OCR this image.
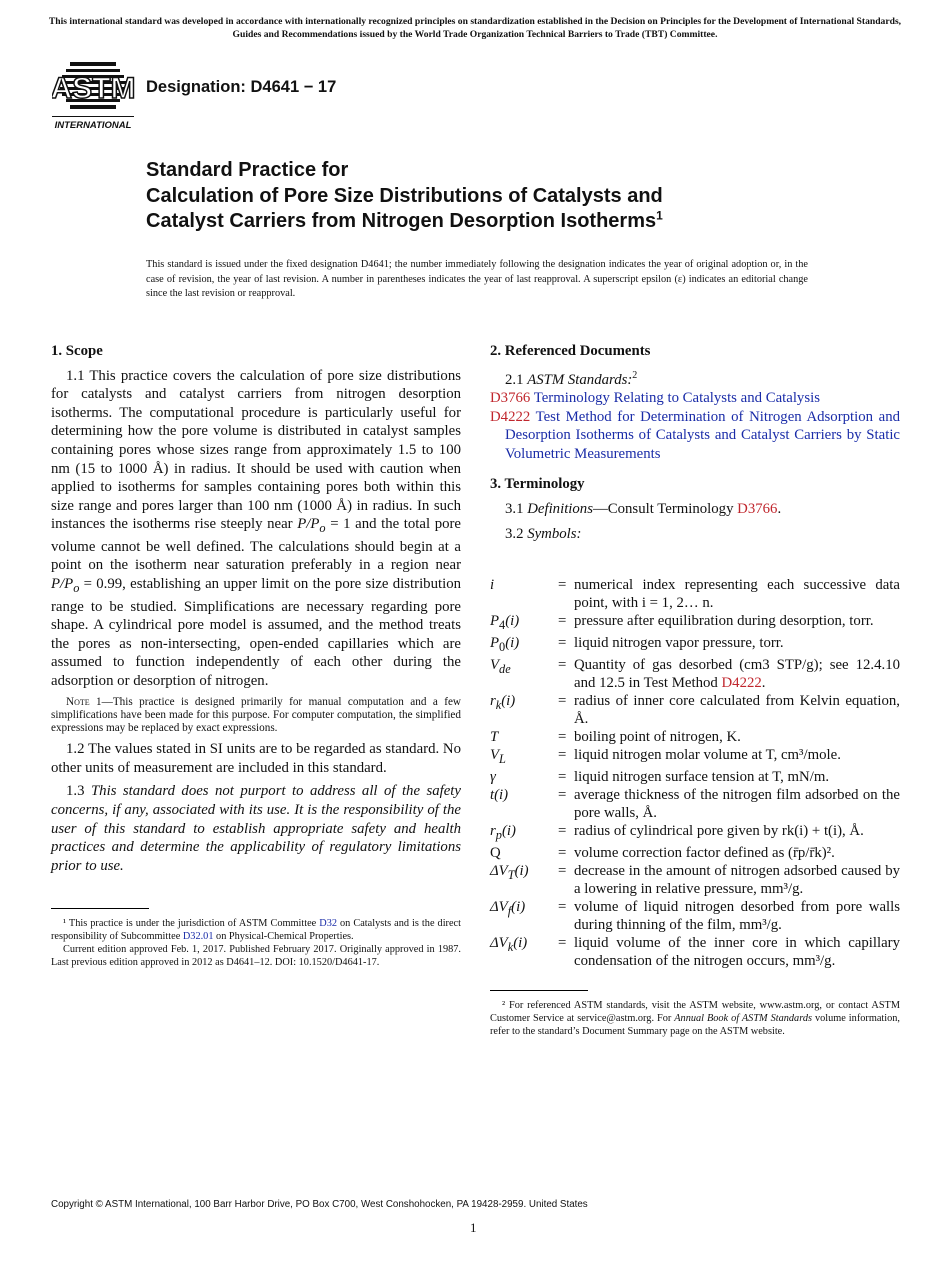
This international standard was developed in accordance with internationally recognized principles on standardization established in the Decision on Principles for the Development of International Standards, Guides and Recommendations issued by the World Trade Organization Technical Barriers to Trade (TBT) Committee.
ASTM
INTERNATIONAL
Designation: D4641 − 17
Standard Practice for
Calculation of Pore Size Distributions of Catalysts and
Catalyst Carriers from Nitrogen Desorption Isotherms$^1$
This standard is issued under the fixed designation D4641; the number immediately following the designation indicates the year of original adoption or, in the case of revision, the year of last revision. A number in parentheses indicates the year of last reapproval. A superscript epsilon (ε) indicates an editorial change since the last revision or reapproval.
1. Scope

1.1 This practice covers the calculation of pore size distributions for catalysts and catalyst carriers from nitrogen desorption isotherms. The computational procedure is particularly useful for determining how the pore volume is distributed in catalyst samples containing pores whose sizes range from approximately 1.5 to 100 nm (15 to 1000 Å) in radius. It should be used with caution when applied to isotherms for samples containing pores both within this size range and pores larger than 100 nm (1000 Å) in radius. In such instances the isotherms rise steeply near $P/P_o = 1$ and the total pore volume cannot be well defined. The calculations should begin at a point on the isotherm near saturation preferably in a region near $P/P_o = 0.99$, establishing an upper limit on the pore size distribution range to be studied. Simplifications are necessary regarding pore shape. A cylindrical pore model is assumed, and the method treats the pores as non-intersecting, open-ended capillaries which are assumed to function independently of each other during the adsorption or desorption of nitrogen.

Note 1—This practice is designed primarily for manual computation and a few simplifications have been made for this purpose. For computer computation, the simplified expressions may be replaced by exact expressions.

1.2 The values stated in SI units are to be regarded as standard. No other units of measurement are included in this standard.

1.3 This standard does not purport to address all of the safety concerns, if any, associated with its use. It is the responsibility of the user of this standard to establish appropriate safety and health practices and determine the applicability of regulatory limitations prior to use.

¹ This practice is under the jurisdiction of ASTM Committee D32 on Catalysts and is the direct responsibility of Subcommittee D32.01 on Physical-Chemical Properties.

Current edition approved Feb. 1, 2017. Published February 2017. Originally approved in 1987. Last previous edition approved in 2012 as D4641–12. DOI: 10.1520/D4641-17.

2. Referenced Documents
2.1 ASTM Standards:$^2$
D3766 Terminology Relating to Catalysts and Catalysis
D4222 Test Method for Determination of Nitrogen Adsorption and Desorption Isotherms of Catalysts and Catalyst Carriers by Static Volumetric Measurements
3. Terminology
3.1 Definitions—Consult Terminology D3766.
3.2 Symbols:
i	= numerical index representing each successive data point, with i = 1, 2… n.
$P_4(i)$	= pressure after equilibration during desorption, torr.
$P_0(i)$	= liquid nitrogen vapor pressure, torr.
$V_{de}$	= Quantity of gas desorbed (cm3 STP/g); see 12.4.10 and 12.5 in Test Method D4222.
$r_k(i)$	= radius of inner core calculated from Kelvin equation, Å.
T	= boiling point of nitrogen, K.
$V_L$	= liquid nitrogen molar volume at T, cm³/mole.
γ	= liquid nitrogen surface tension at T, mN/m.
t(i)	= average thickness of the nitrogen film adsorbed on the pore walls, Å.
$r_p(i)$	= radius of cylindrical pore given by rk(i) + t(i), Å.
Q	= volume correction factor defined as (r̄p/r̄k)².
$\Delta V_T(i)$	= decrease in the amount of nitrogen adsorbed caused by a lowering in relative pressure, mm³/g.
$\Delta V_f(i)$	= volume of liquid nitrogen desorbed from pore walls during thinning of the film, mm³/g.
$\Delta V_k(i)$	= liquid volume of the inner core in which capillary condensation of the nitrogen occurs, mm³/g.

² For referenced ASTM standards, visit the ASTM website, www.astm.org, or contact ASTM Customer Service at service@astm.org. For Annual Book of ASTM Standards volume information, refer to the standard’s Document Summary page on the ASTM website.

Copyright © ASTM International, 100 Barr Harbor Drive, PO Box C700, West Conshohocken, PA 19428-2959. United States
1
